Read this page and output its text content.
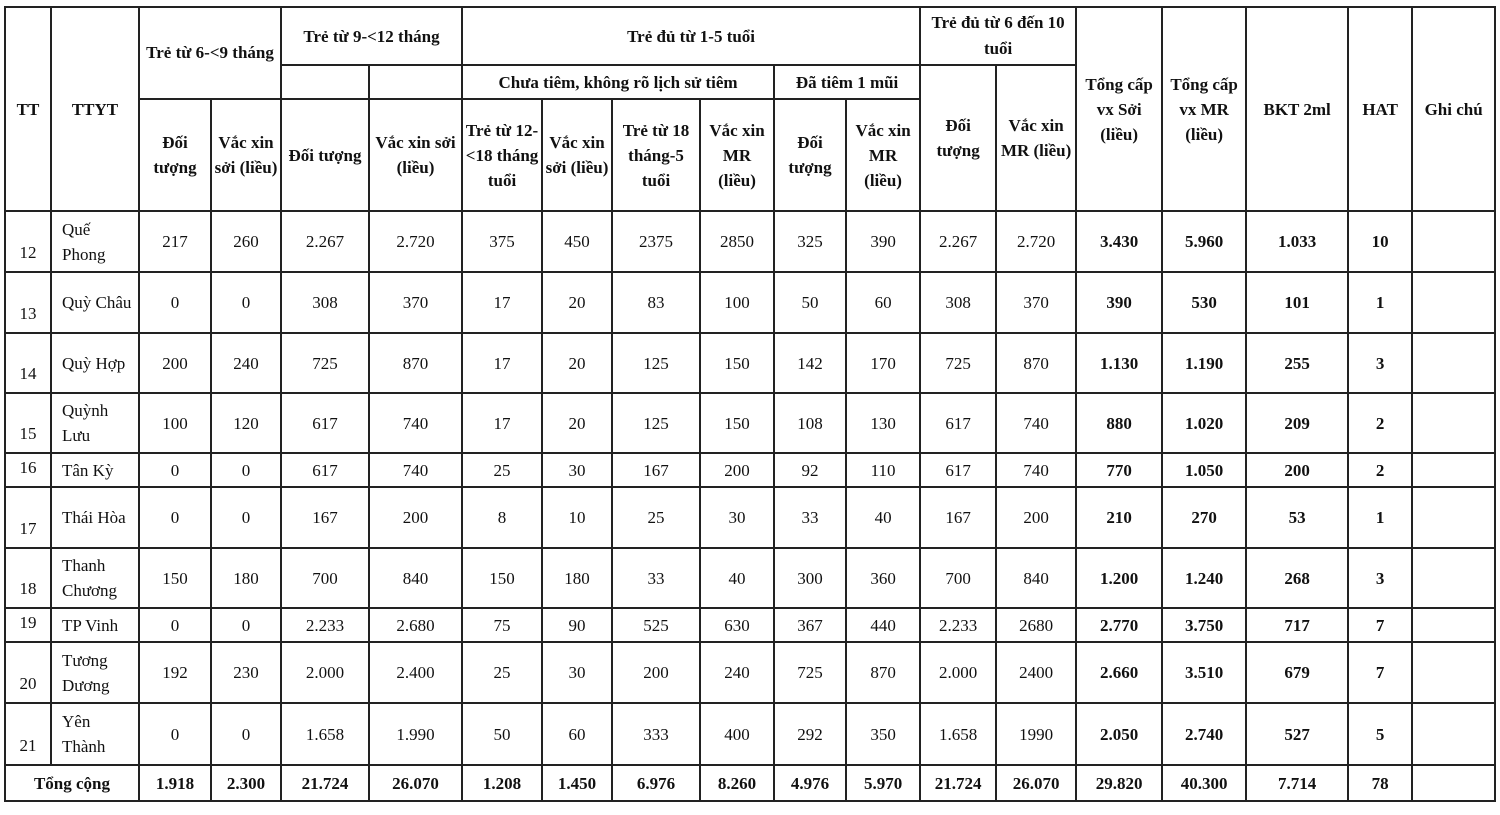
TT	TTYT	Trẻ từ 6-<9 tháng		Trẻ từ 9-<12 tháng		Trẻ đủ từ 1-5 tuổi						Trẻ đủ từ 6 đến 10 tuổi		Tổng cấp vx Sởi (liều)	Tổng cấp vx MR (liều)	BKT 2ml	HAT	Ghi chú
						Chưa tiêm, không rõ lịch sử tiêm				Đã tiêm 1 mũi		Đối tượng	Vắc xin MR (liều)					
		Đối tượng	Vắc xin sởi (liều)	Đối tượng	Vắc xin sởi (liều)	Trẻ từ 12-<18 tháng tuổi	Vắc xin sởi (liều)	Trẻ từ 18 tháng-5 tuổi	Vắc xin MR (liều)	Đối tượng	Vắc xin MR (liều)							
12	Quế Phong	217	260	2.267	2.720	375	450	2375	2850	325	390	2.267	2.720	3.430	5.960	1.033	10	
13	Quỳ Châu	0	0	308	370	17	20	83	100	50	60	308	370	390	530	101	1	
14	Quỳ Hợp	200	240	725	870	17	20	125	150	142	170	725	870	1.130	1.190	255	3	
15	Quỳnh Lưu	100	120	617	740	17	20	125	150	108	130	617	740	880	1.020	209	2	
16	Tân Kỳ	0	0	617	740	25	30	167	200	92	110	617	740	770	1.050	200	2	
17	Thái Hòa	0	0	167	200	8	10	25	30	33	40	167	200	210	270	53	1	
18	Thanh Chương	150	180	700	840	150	180	33	40	300	360	700	840	1.200	1.240	268	3	
19	TP Vinh	0	0	2.233	2.680	75	90	525	630	367	440	2.233	2680	2.770	3.750	717	7	
20	Tương Dương	192	230	2.000	2.400	25	30	200	240	725	870	2.000	2400	2.660	3.510	679	7	
21	Yên Thành	0	0	1.658	1.990	50	60	333	400	292	350	1.658	1990	2.050	2.740	527	5	
Tổng cộng		1.918	2.300	21.724	26.070	1.208	1.450	6.976	8.260	4.976	5.970	21.724	26.070	29.820	40.300	7.714	78	
